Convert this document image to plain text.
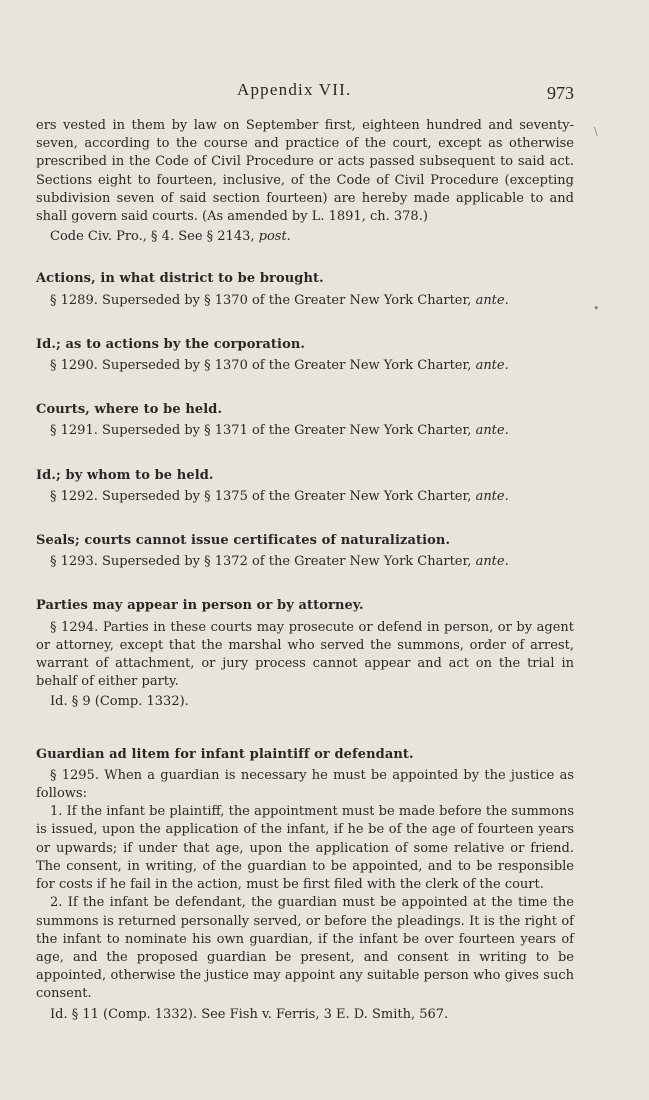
Appendix VII.	973

ers vested in them by law on September first, eighteen hundred and seventy-seven, according to the course and practice of the court, except as otherwise prescribed in the Code of Civil Procedure or acts passed subsequent to said act. Sections eight to fourteen, inclusive, of the Code of Civil Procedure (excepting subdivision seven of said section fourteen) are hereby made applicable to and shall govern said courts. (As amended by L. 1891, ch. 378.)

Code Civ. Pro., § 4. See § 2143, post.

Actions, in what district to be brought.

§ 1289. Superseded by § 1370 of the Greater New York Charter, ante.

Id.; as to actions by the corporation.

§ 1290. Superseded by § 1370 of the Greater New York Charter, ante.

Courts, where to be held.

§ 1291. Superseded by § 1371 of the Greater New York Charter, ante.

Id.; by whom to be held.

§ 1292. Superseded by § 1375 of the Greater New York Charter, ante.

Seals; courts cannot issue certificates of naturalization.

§ 1293. Superseded by § 1372 of the Greater New York Charter, ante.

Parties may appear in person or by attorney.

§ 1294. Parties in these courts may prosecute or defend in person, or by agent or attorney, except that the marshal who served the summons, order of arrest, warrant of attachment, or jury process cannot appear and act on the trial in behalf of either party.

Id. § 9 (Comp. 1332).

Guardian ad litem for infant plaintiff or defendant.

§ 1295. When a guardian is necessary he must be appointed by the justice as follows:

1. If the infant be plaintiff, the appointment must be made before the summons is issued, upon the application of the infant, if he be of the age of fourteen years or upwards; if under that age, upon the application of some relative or friend. The consent, in writing, of the guardian to be appointed, and to be responsible for costs if he fail in the action, must be first filed with the clerk of the court.

2. If the infant be defendant, the guardian must be appointed at the time the summons is returned personally served, or before the pleadings. It is the right of the infant to nominate his own guardian, if the infant be over fourteen years of age, and the proposed guardian be present, and consent in writing to be appointed, otherwise the justice may appoint any suitable person who gives such consent.

Id. § 11 (Comp. 1332). See Fish v. Ferris, 3 E. D. Smith, 567.

\
•
